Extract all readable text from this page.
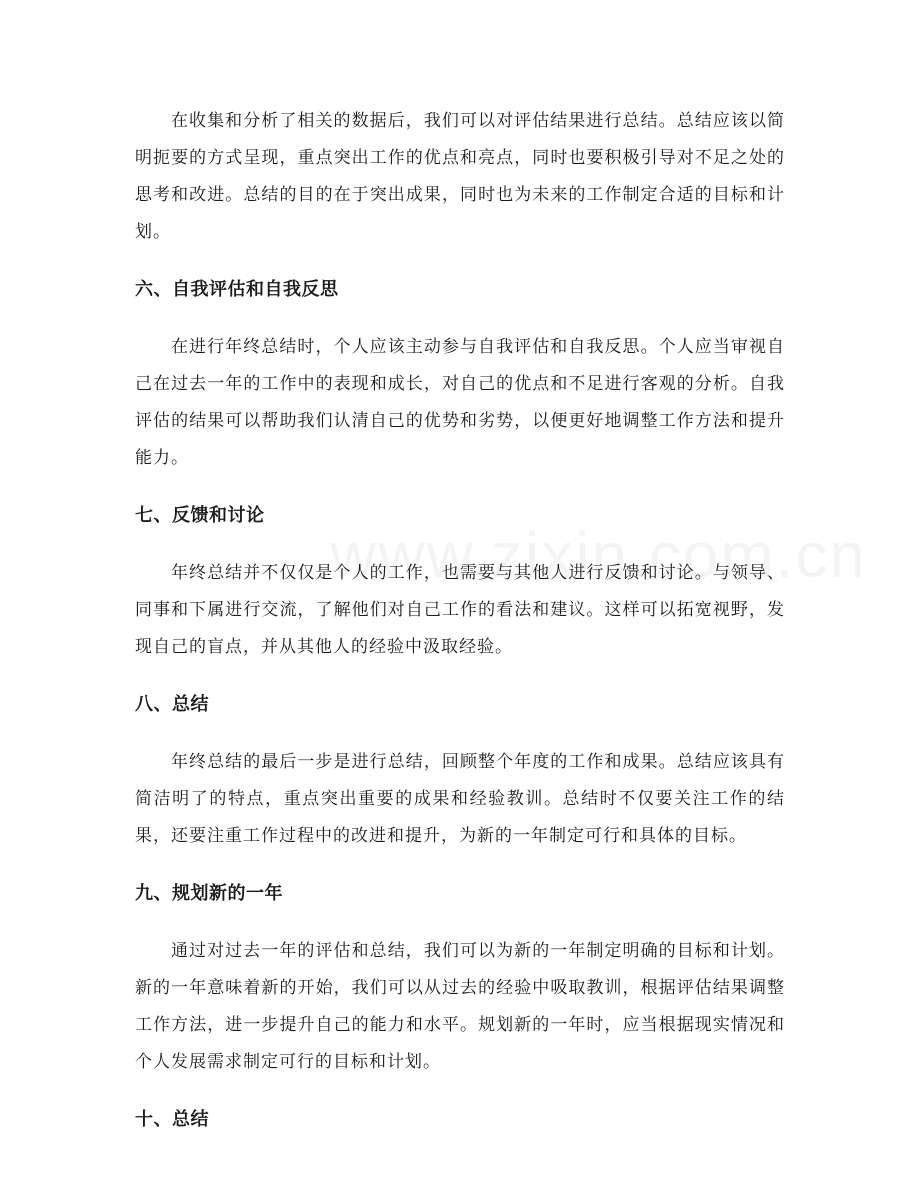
在收集和分析了相关的数据后，我们可以对评估结果进行总结。总结应该以简明扼要的方式呈现，重点突出工作的优点和亮点，同时也要积极引导对不足之处的思考和改进。总结的目的在于突出成果，同时也为未来的工作制定合适的目标和计划。

六、自我评估和自我反思

在进行年终总结时，个人应该主动参与自我评估和自我反思。个人应当审视自己在过去一年的工作中的表现和成长，对自己的优点和不足进行客观的分析。自我评估的结果可以帮助我们认清自己的优势和劣势，以便更好地调整工作方法和提升能力。

七、反馈和讨论

年终总结并不仅仅是个人的工作，也需要与其他人进行反馈和讨论。与领导、同事和下属进行交流，了解他们对自己工作的看法和建议。这样可以拓宽视野，发现自己的盲点，并从其他人的经验中汲取经验。

八、总结

年终总结的最后一步是进行总结，回顾整个年度的工作和成果。总结应该具有简洁明了的特点，重点突出重要的成果和经验教训。总结时不仅要关注工作的结果，还要注重工作过程中的改进和提升，为新的一年制定可行和具体的目标。

九、规划新的一年

通过对过去一年的评估和总结，我们可以为新的一年制定明确的目标和计划。新的一年意味着新的开始，我们可以从过去的经验中吸取教训，根据评估结果调整工作方法，进一步提升自己的能力和水平。规划新的一年时，应当根据现实情况和个人发展需求制定可行的目标和计划。

十、总结
